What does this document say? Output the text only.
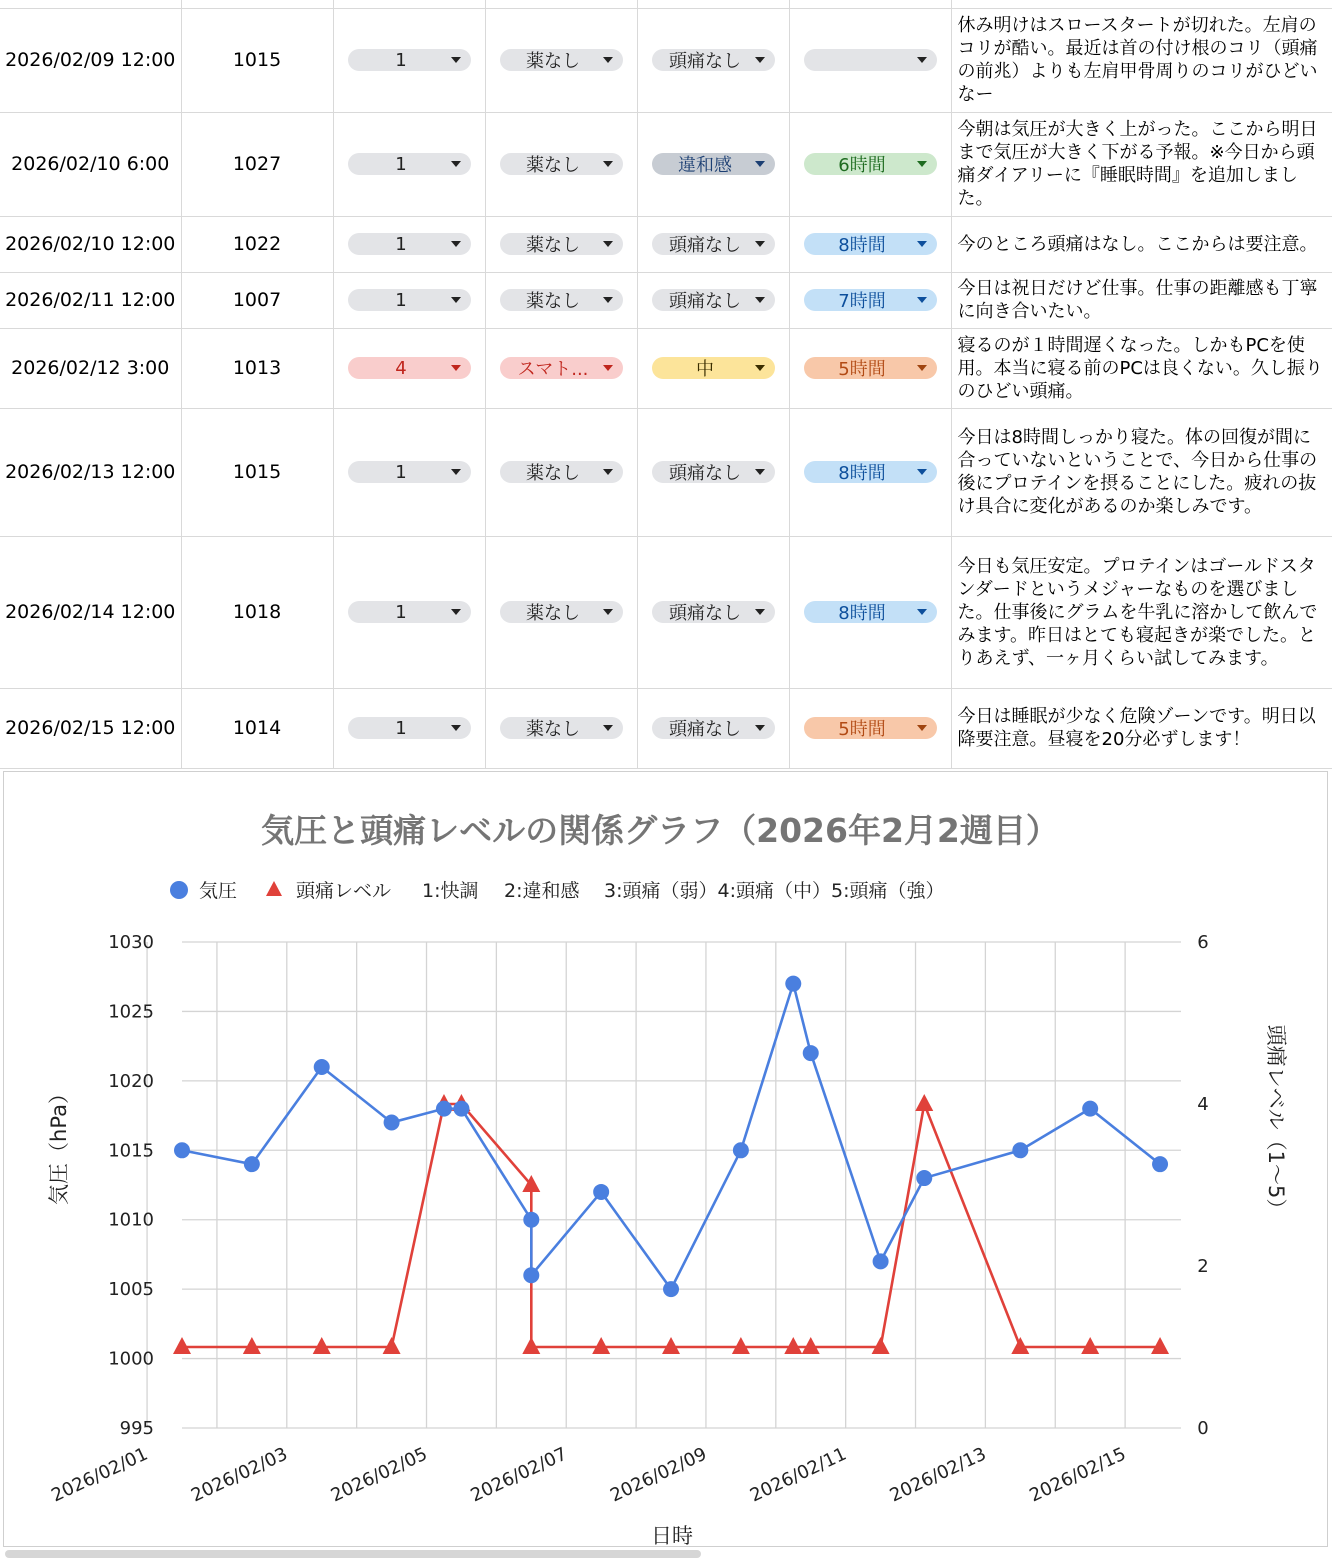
2026/02/09 12:00	1015	1	薬なし	頭痛なし		休み明けはスロースタートが切れた。左肩のコリが酷い。最近は首の付け根のコリ（頭痛の前兆）よりも左肩甲骨周りのコリがひどいなー
2026/02/10 6:00	1027	1	薬なし	違和感	6時間	今朝は気圧が大きく上がった。ここから明日まで気圧が大きく下がる予報。※今日から頭痛ダイアリーに『睡眠時間』を追加しました。
2026/02/10 12:00	1022	1	薬なし	頭痛なし	8時間	今のところ頭痛はなし。ここからは要注意。
2026/02/11 12:00	1007	1	薬なし	頭痛なし	7時間	今日は祝日だけど仕事。仕事の距離感も丁寧に向き合いたい。
2026/02/12 3:00	1013	4	スマト...	中	5時間	寝るのが１時間遅くなった。しかもPCを使用。本当に寝る前のPCは良くない。久し振りのひどい頭痛。
2026/02/13 12:00	1015	1	薬なし	頭痛なし	8時間	今日は8時間しっかり寝た。体の回復が間に合っていないということで、今日から仕事の後にプロテインを摂ることにした。疲れの抜け具合に変化があるのか楽しみです。
2026/02/14 12:00	1018	1	薬なし	頭痛なし	8時間	今日も気圧安定。プロテインはゴールドスタンダードというメジャーなものを選びました。仕事後にグラムを牛乳に溶かして飲んでみます。昨日はとても寝起きが楽でした。とりあえず、一ヶ月くらい試してみます。
2026/02/15 12:00	1014	1	薬なし	頭痛なし	5時間	今日は睡眠が少なく危険ゾーンです。明日以降要注意。昼寝を20分必ずします！
気圧と頭痛レベルの関係グラフ（2026年2月2週目）
気圧	頭痛レベル 1:快調 2:違和感 3:頭痛（弱）4:頭痛（中）5:頭痛（強）
995
1000
1005
1010
1015
1020
1025
1030
0
2
4
6
2026/02/01 2026/02/03 2026/02/05 2026/02/07 2026/02/09 2026/02/11 2026/02/13 2026/02/15
日時
気圧（hPa）	頭痛レベル（1〜5）
